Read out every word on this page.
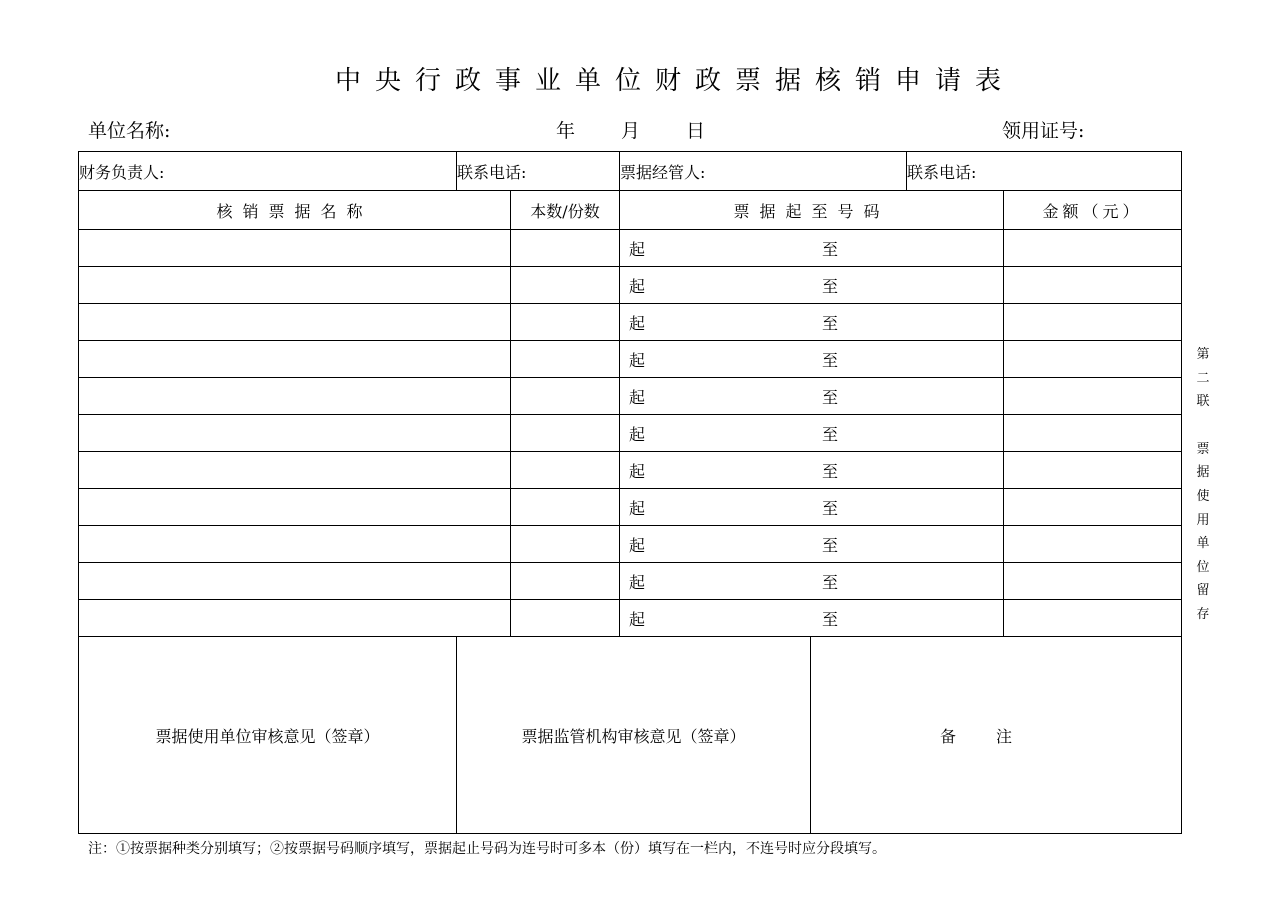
中央行政事业单位财政票据核销申请表
单位名称:	年 月 日	领用证号:
财务负责人:	联系电话:		票据经管人:		联系电话:	
核销票据名称		本数/份数	票据起至号码			金额（元）
			起 至			
			起 至			
			起 至			
			起 至			
			起 至			
			起 至			
			起 至			
			起 至			
			起 至			
			起 至			
			起 至			
票据使用单位审核意见（签章）	票据监管机构审核意见（签章）			备注		
第
二
联
票
据
使
用
单
位
留
存
注：①按票据种类分别填写；②按票据号码顺序填写，票据起止号码为连号时可多本（份）填写在一栏内，不连号时应分段填写。
